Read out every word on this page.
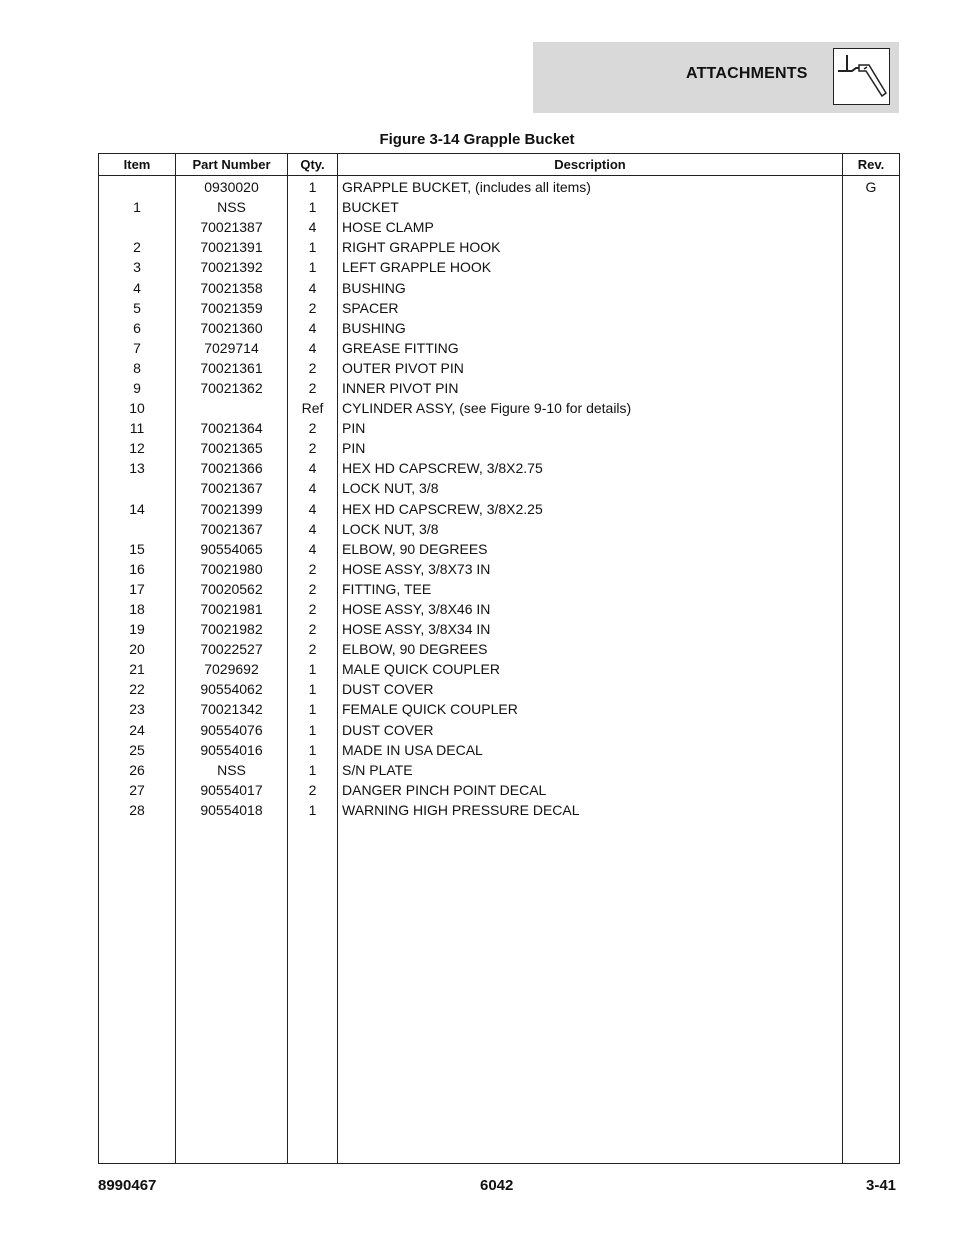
ATTACHMENTS
Figure 3-14 Grapple Bucket
Item	Part Number	Qty.	Description	Rev.
	0930020	1	GRAPPLE BUCKET, (includes all items)	G
1	NSS	1	BUCKET	
	70021387	4	HOSE CLAMP	
2	70021391	1	RIGHT GRAPPLE HOOK	
3	70021392	1	LEFT GRAPPLE HOOK	
4	70021358	4	BUSHING	
5	70021359	2	SPACER	
6	70021360	4	BUSHING	
7	7029714	4	GREASE FITTING	
8	70021361	2	OUTER PIVOT PIN	
9	70021362	2	INNER PIVOT PIN	
10		Ref	CYLINDER ASSY, (see Figure 9-10 for details)	
11	70021364	2	PIN	
12	70021365	2	PIN	
13	70021366	4	HEX HD CAPSCREW, 3/8X2.75	
	70021367	4	LOCK NUT, 3/8	
14	70021399	4	HEX HD CAPSCREW, 3/8X2.25	
	70021367	4	LOCK NUT, 3/8	
15	90554065	4	ELBOW, 90 DEGREES	
16	70021980	2	HOSE ASSY, 3/8X73 IN	
17	70020562	2	FITTING, TEE	
18	70021981	2	HOSE ASSY, 3/8X46 IN	
19	70021982	2	HOSE ASSY, 3/8X34 IN	
20	70022527	2	ELBOW, 90 DEGREES	
21	7029692	1	MALE QUICK COUPLER	
22	90554062	1	DUST COVER	
23	70021342	1	FEMALE QUICK COUPLER	
24	90554076	1	DUST COVER	
25	90554016	1	MADE IN USA DECAL	
26	NSS	1	S/N PLATE	
27	90554017	2	DANGER PINCH POINT DECAL	
28	90554018	1	WARNING HIGH PRESSURE DECAL	

8990467	6042	3-41
